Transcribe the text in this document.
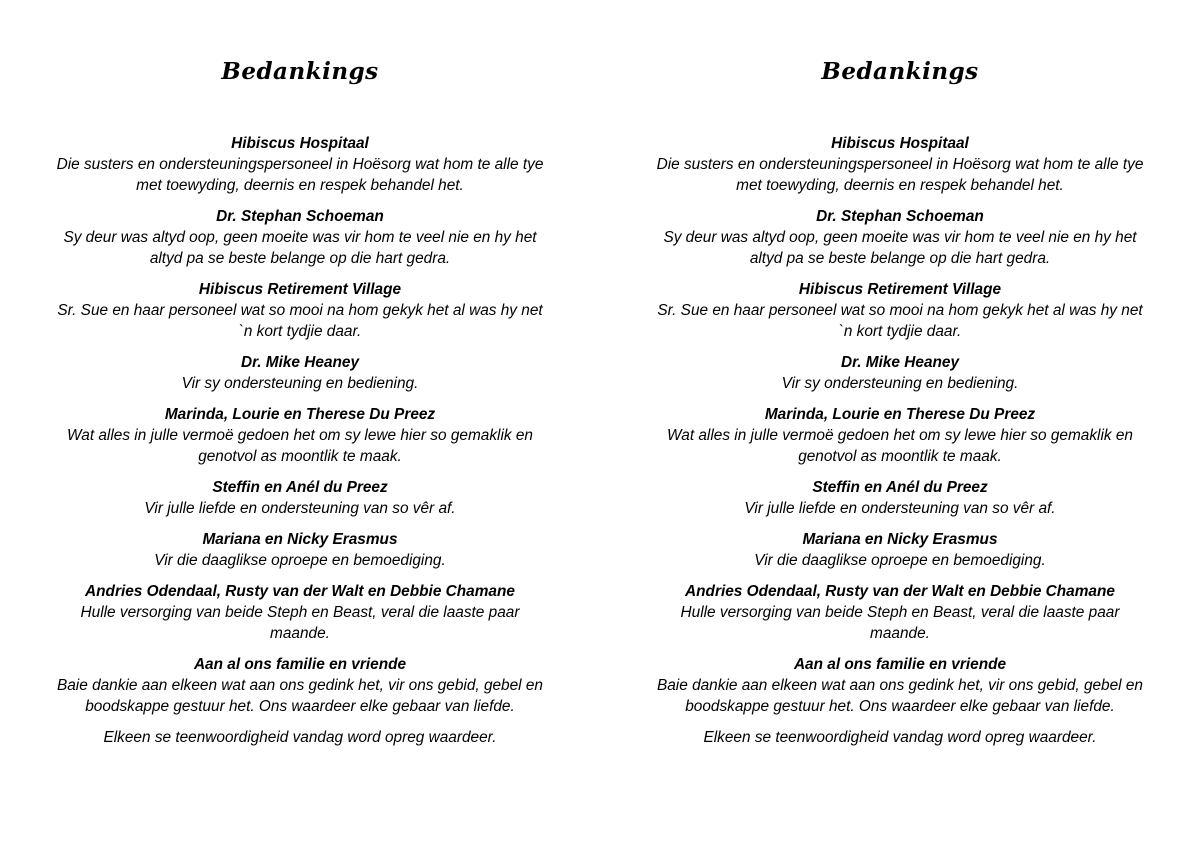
Bedankings

Hibiscus Hospitaal
Die susters en ondersteuningspersoneel in Hoësorg wat hom te alle tye met toewyding, deernis en respek behandel het.

Dr. Stephan Schoeman
Sy deur was altyd oop, geen moeite was vir hom te veel nie en hy het altyd pa se beste belange op die hart gedra.

Hibiscus Retirement Village
Sr. Sue en haar personeel wat so mooi na hom gekyk het al was hy net `n kort tydjie daar.

Dr. Mike Heaney
Vir sy ondersteuning en bediening.

Marinda, Lourie en Therese Du Preez
Wat alles in julle vermoë gedoen het om sy lewe hier so gemaklik en genotvol as moontlik te maak.

Steffin en Anél du Preez
Vir julle liefde en ondersteuning van so vêr af.

Mariana en Nicky Erasmus
Vir die daaglikse oproepe en bemoediging.

Andries Odendaal, Rusty van der Walt en Debbie Chamane
Hulle versorging van beide Steph en Beast, veral die laaste paar maande.

Aan al ons familie en vriende
Baie dankie aan elkeen wat aan ons gedink het, vir ons gebid, gebel en boodskappe gestuur het. Ons waardeer elke gebaar van liefde.

Elkeen se teenwoordigheid vandag word opreg waardeer.

Bedankings

Hibiscus Hospitaal
Die susters en ondersteuningspersoneel in Hoësorg wat hom te alle tye met toewyding, deernis en respek behandel het.

Dr. Stephan Schoeman
Sy deur was altyd oop, geen moeite was vir hom te veel nie en hy het altyd pa se beste belange op die hart gedra.

Hibiscus Retirement Village
Sr. Sue en haar personeel wat so mooi na hom gekyk het al was hy net `n kort tydjie daar.

Dr. Mike Heaney
Vir sy ondersteuning en bediening.

Marinda, Lourie en Therese Du Preez
Wat alles in julle vermoë gedoen het om sy lewe hier so gemaklik en genotvol as moontlik te maak.

Steffin en Anél du Preez
Vir julle liefde en ondersteuning van so vêr af.

Mariana en Nicky Erasmus
Vir die daaglikse oproepe en bemoediging.

Andries Odendaal, Rusty van der Walt en Debbie Chamane
Hulle versorging van beide Steph en Beast, veral die laaste paar maande.

Aan al ons familie en vriende
Baie dankie aan elkeen wat aan ons gedink het, vir ons gebid, gebel en boodskappe gestuur het. Ons waardeer elke gebaar van liefde.

Elkeen se teenwoordigheid vandag word opreg waardeer.
